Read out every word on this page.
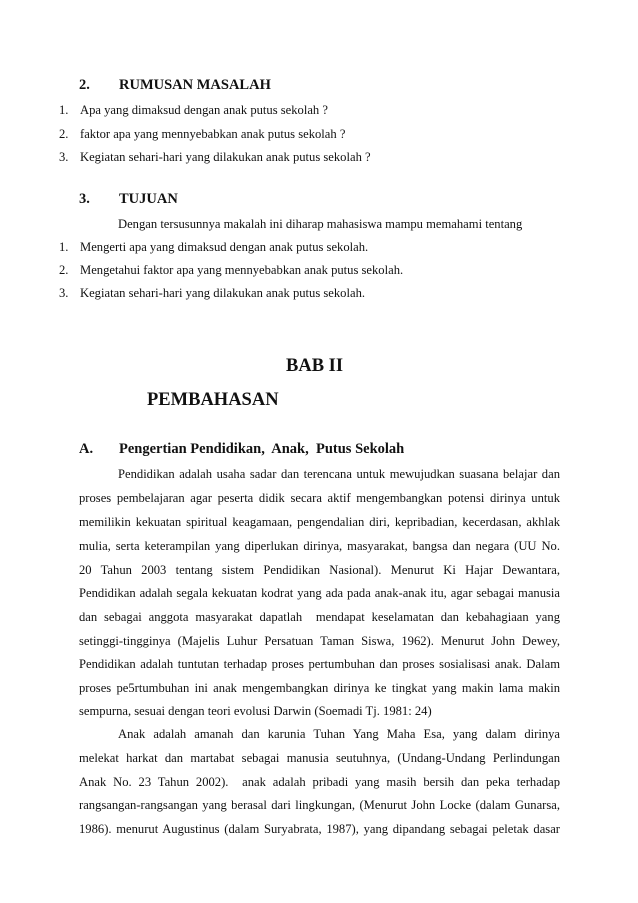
2. RUMUSAN MASALAH
1. Apa yang dimaksud dengan anak putus sekolah ?
2. faktor apa yang mennyebabkan anak putus sekolah ?
3. Kegiatan sehari-hari yang dilakukan anak putus sekolah ?
3. TUJUAN
Dengan tersusunnya makalah ini diharap mahasiswa mampu memahami tentang
1. Mengerti apa yang dimaksud dengan anak putus sekolah.
2. Mengetahui faktor apa yang mennyebabkan anak putus sekolah.
3. Kegiatan sehari-hari yang dilakukan anak putus sekolah.
BAB II
PEMBAHASAN
A. Pengertian Pendidikan,  Anak,  Putus Sekolah
Pendidikan adalah usaha sadar dan terencana untuk mewujudkan suasana belajar dan
proses pembelajaran agar peserta didik secara aktif mengembangkan potensi dirinya untuk
memilikin kekuatan spiritual keagamaan, pengendalian diri, kepribadian, kecerdasan, akhlak
mulia, serta keterampilan yang diperlukan dirinya, masyarakat, bangsa dan negara (UU No.
20 Tahun 2003 tentang sistem Pendidikan Nasional). Menurut Ki Hajar Dewantara,
Pendidikan adalah segala kekuatan kodrat yang ada pada anak-anak itu, agar sebagai manusia
dan sebagai anggota masyarakat dapatlah  mendapat keselamatan dan kebahagiaan yang
setinggi-tingginya (Majelis Luhur Persatuan Taman Siswa, 1962). Menurut John Dewey,
Pendidikan adalah tuntutan terhadap proses pertumbuhan dan proses sosialisasi anak. Dalam
proses pe5rtumbuhan ini anak mengembangkan dirinya ke tingkat yang makin lama makin
sempurna, sesuai dengan teori evolusi Darwin (Soemadi Tj. 1981: 24)
Anak adalah amanah dan karunia Tuhan Yang Maha Esa, yang dalam dirinya
melekat harkat dan martabat sebagai manusia seutuhnya, (Undang-Undang Perlindungan
Anak No. 23 Tahun 2002).  anak adalah pribadi yang masih bersih dan peka terhadap
rangsangan-rangsangan yang berasal dari lingkungan, (Menurut John Locke (dalam Gunarsa,
1986). menurut Augustinus (dalam Suryabrata, 1987), yang dipandang sebagai peletak dasar
